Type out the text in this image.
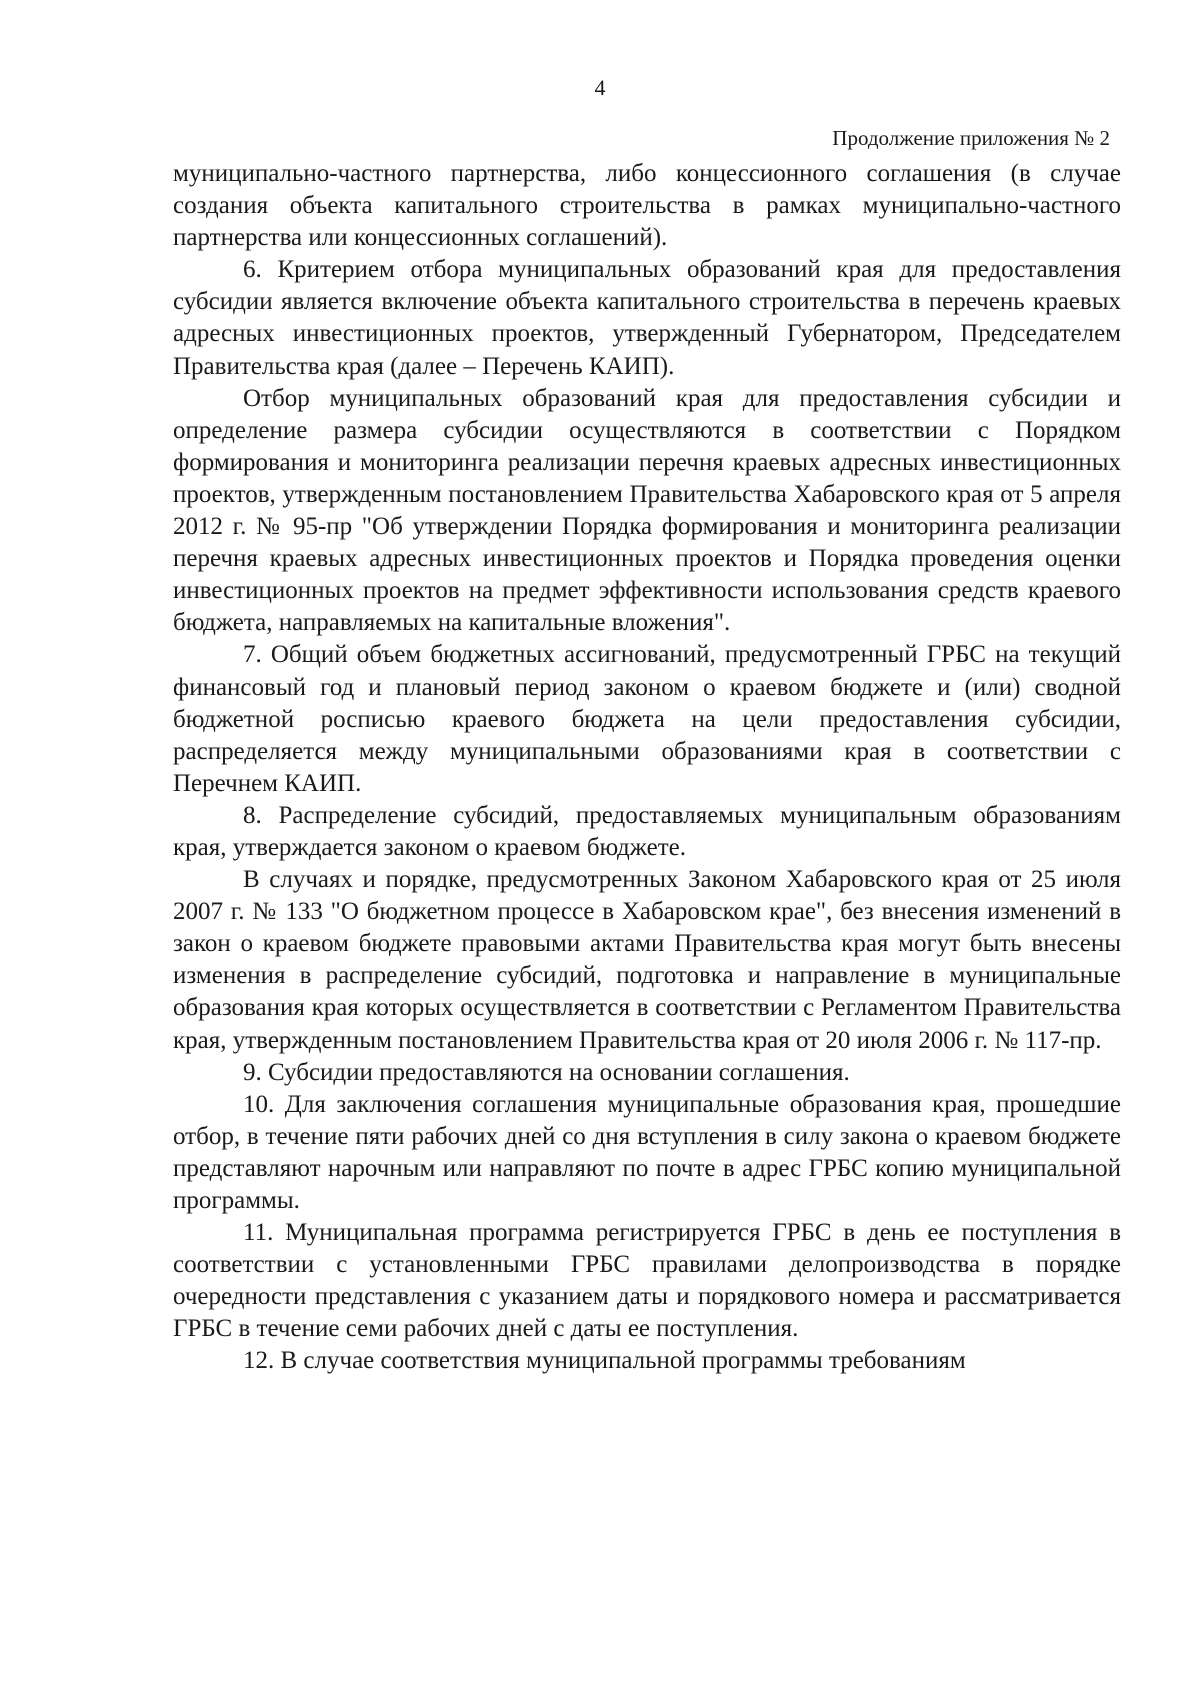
4
Продолжение приложения № 2

муниципально-частного партнерства, либо концессионного соглашения (в случае создания объекта капитального строительства в рамках муниципально-частного партнерства или концессионных соглашений).

6. Критерием отбора муниципальных образований края для предоставления субсидии является включение объекта капитального строительства в перечень краевых адресных инвестиционных проектов, утвержденный Губернатором, Председателем Правительства края (далее – Перечень КАИП).

Отбор муниципальных образований края для предоставления субсидии и определение размера субсидии осуществляются в соответствии с Порядком формирования и мониторинга реализации перечня краевых адресных инвестиционных проектов, утвержденным постановлением Правительства Хабаровского края от 5 апреля 2012 г. № 95-пр "Об утверждении Порядка формирования и мониторинга реализации перечня краевых адресных инвестиционных проектов и Порядка проведения оценки инвестиционных проектов на предмет эффективности использования средств краевого бюджета, направляемых на капитальные вложения".

7. Общий объем бюджетных ассигнований, предусмотренный ГРБС на текущий финансовый год и плановый период законом о краевом бюджете и (или) сводной бюджетной росписью краевого бюджета на цели предоставления субсидии, распределяется между муниципальными образованиями края в соответствии с Перечнем КАИП.

8. Распределение субсидий, предоставляемых муниципальным образованиям края, утверждается законом о краевом бюджете.

В случаях и порядке, предусмотренных Законом Хабаровского края от 25 июля 2007 г. № 133 "О бюджетном процессе в Хабаровском крае", без внесения изменений в закон о краевом бюджете правовыми актами Правительства края могут быть внесены изменения в распределение субсидий, подготовка и направление в муниципальные образования края которых осуществляется в соответствии с Регламентом Правительства края, утвержденным постановлением Правительства края от 20 июля 2006 г. № 117-пр.

9. Субсидии предоставляются на основании соглашения.

10. Для заключения соглашения муниципальные образования края, прошедшие отбор, в течение пяти рабочих дней со дня вступления в силу закона о краевом бюджете представляют нарочным или направляют по почте в адрес ГРБС копию муниципальной программы.

11. Муниципальная программа регистрируется ГРБС в день ее поступления в соответствии с установленными ГРБС правилами делопроизводства в порядке очередности представления с указанием даты и порядкового номера и рассматривается ГРБС в течение семи рабочих дней с даты ее поступления.

12. В случае соответствия муниципальной программы требованиям
